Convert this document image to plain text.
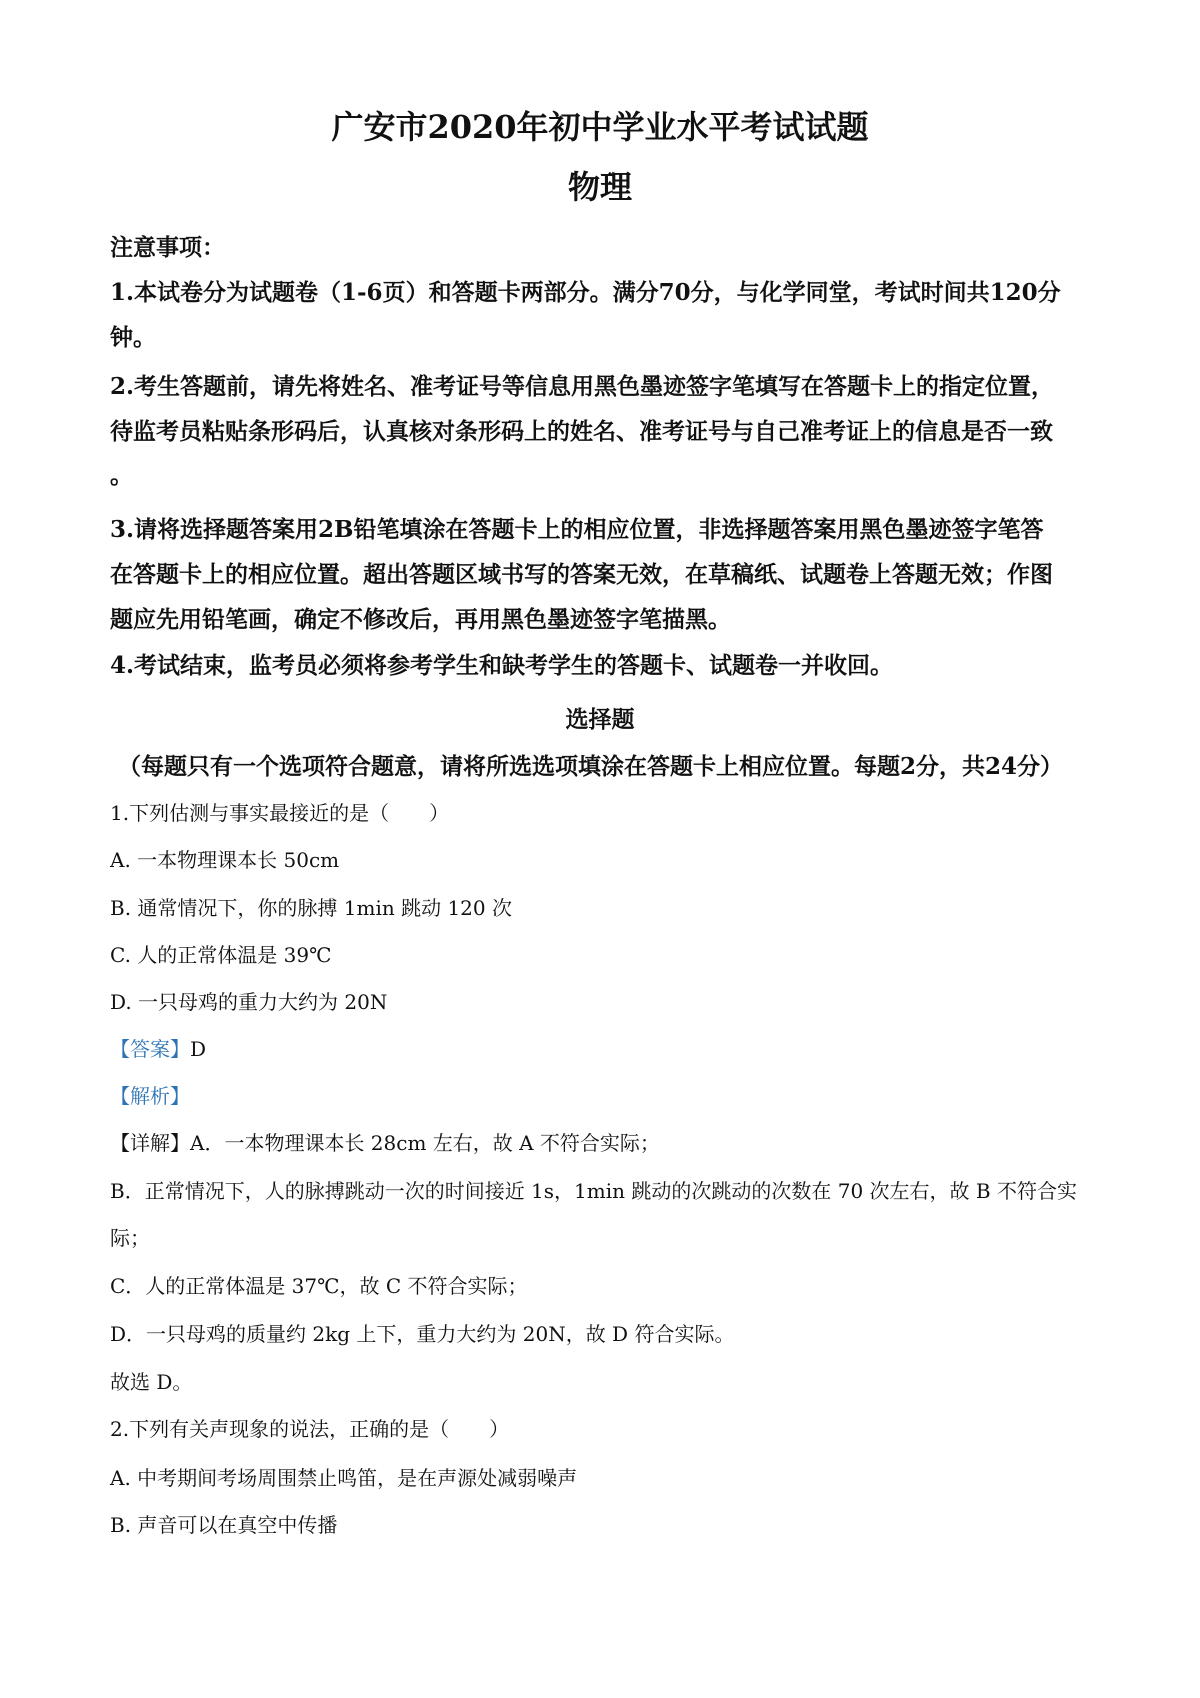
广安市2020年初中学业水平考试试题
物理
注意事项：
1.本试卷分为试题卷（1-6页）和答题卡两部分。满分70分，与化学同堂，考试时间共120分
钟。
2.考生答题前，请先将姓名、准考证号等信息用黑色墨迹签字笔填写在答题卡上的指定位置，
待监考员粘贴条形码后，认真核对条形码上的姓名、准考证号与自己准考证上的信息是否一致
。
3.请将选择题答案用2B铅笔填涂在答题卡上的相应位置，非选择题答案用黑色墨迹签字笔答
在答题卡上的相应位置。超出答题区域书写的答案无效，在草稿纸、试题卷上答题无效；作图
题应先用铅笔画，确定不修改后，再用黑色墨迹签字笔描黑。
4.考试结束，监考员必须将参考学生和缺考学生的答题卡、试题卷一并收回。
选择题
（每题只有一个选项符合题意，请将所选选项填涂在答题卡上相应位置。每题2分，共24分）
1.下列估测与事实最接近的是（　　）
A. 一本物理课本长 50cm
B. 通常情况下，你的脉搏 1min 跳动 120 次
C. 人的正常体温是 39℃
D. 一只母鸡的重力大约为 20N
【答案】D
【解析】
【详解】A．一本物理课本长 28cm 左右，故 A 不符合实际；
B．正常情况下，人的脉搏跳动一次的时间接近 1s，1min 跳动的次跳动的次数在 70 次左右，故 B 不符合实
际；
C．人的正常体温是 37℃，故 C 不符合实际；
D．一只母鸡的质量约 2kg 上下，重力大约为 20N，故 D 符合实际。
故选 D。
2.下列有关声现象的说法，正确的是（　　）
A. 中考期间考场周围禁止鸣笛，是在声源处减弱噪声
B. 声音可以在真空中传播
